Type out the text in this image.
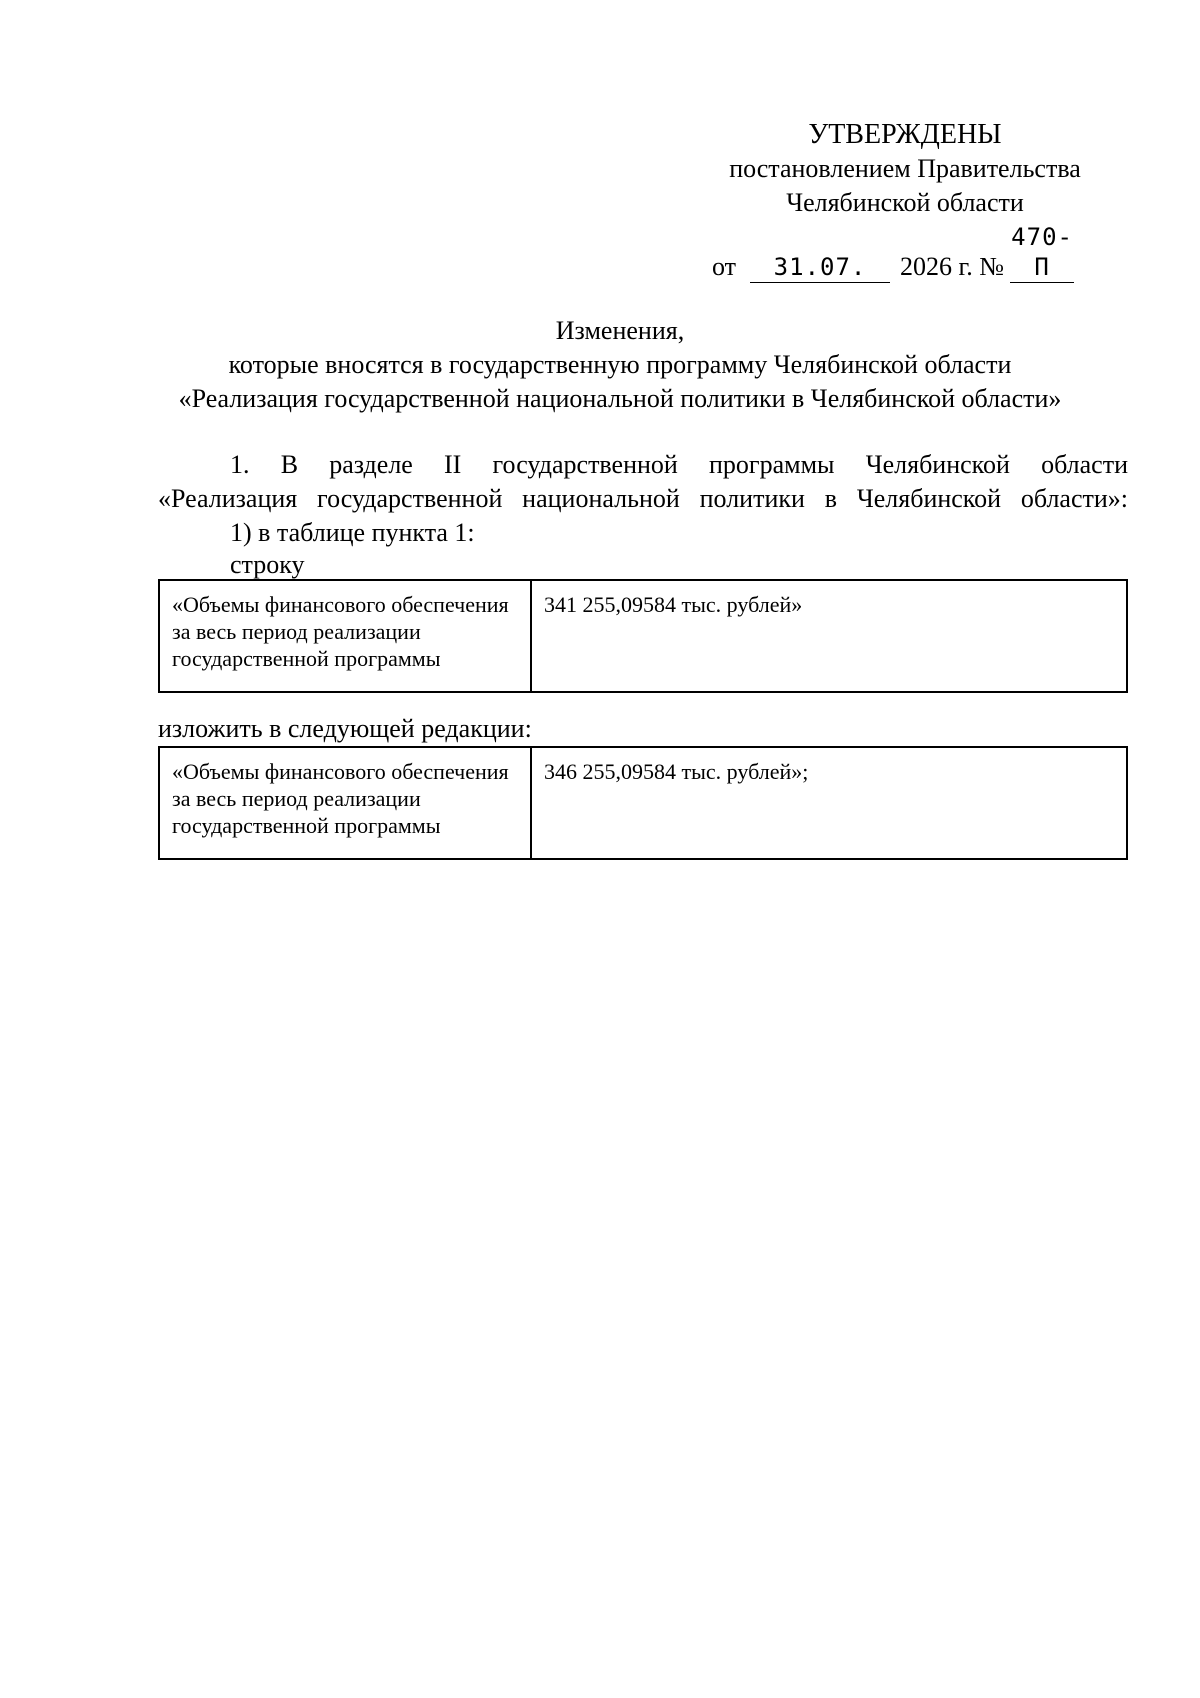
УТВЕРЖДЕНЫ
постановлением Правительства
Челябинской области
от 31.07. 2026 г. №470-П
Изменения,
которые вносятся в государственную программу Челябинской области
«Реализация государственной национальной политики в Челябинской области»
1. В разделе II государственной программы Челябинской области
«Реализация государственной национальной политики в Челябинской области»:
1) в таблице пункта 1:
строку
«Объемы финансового обеспечения за весь период реализации государственной программы	341 255,09584 тыс. рублей»
изложить в следующей редакции:
«Объемы финансового обеспечения за весь период реализации государственной программы	346 255,09584 тыс. рублей»;
